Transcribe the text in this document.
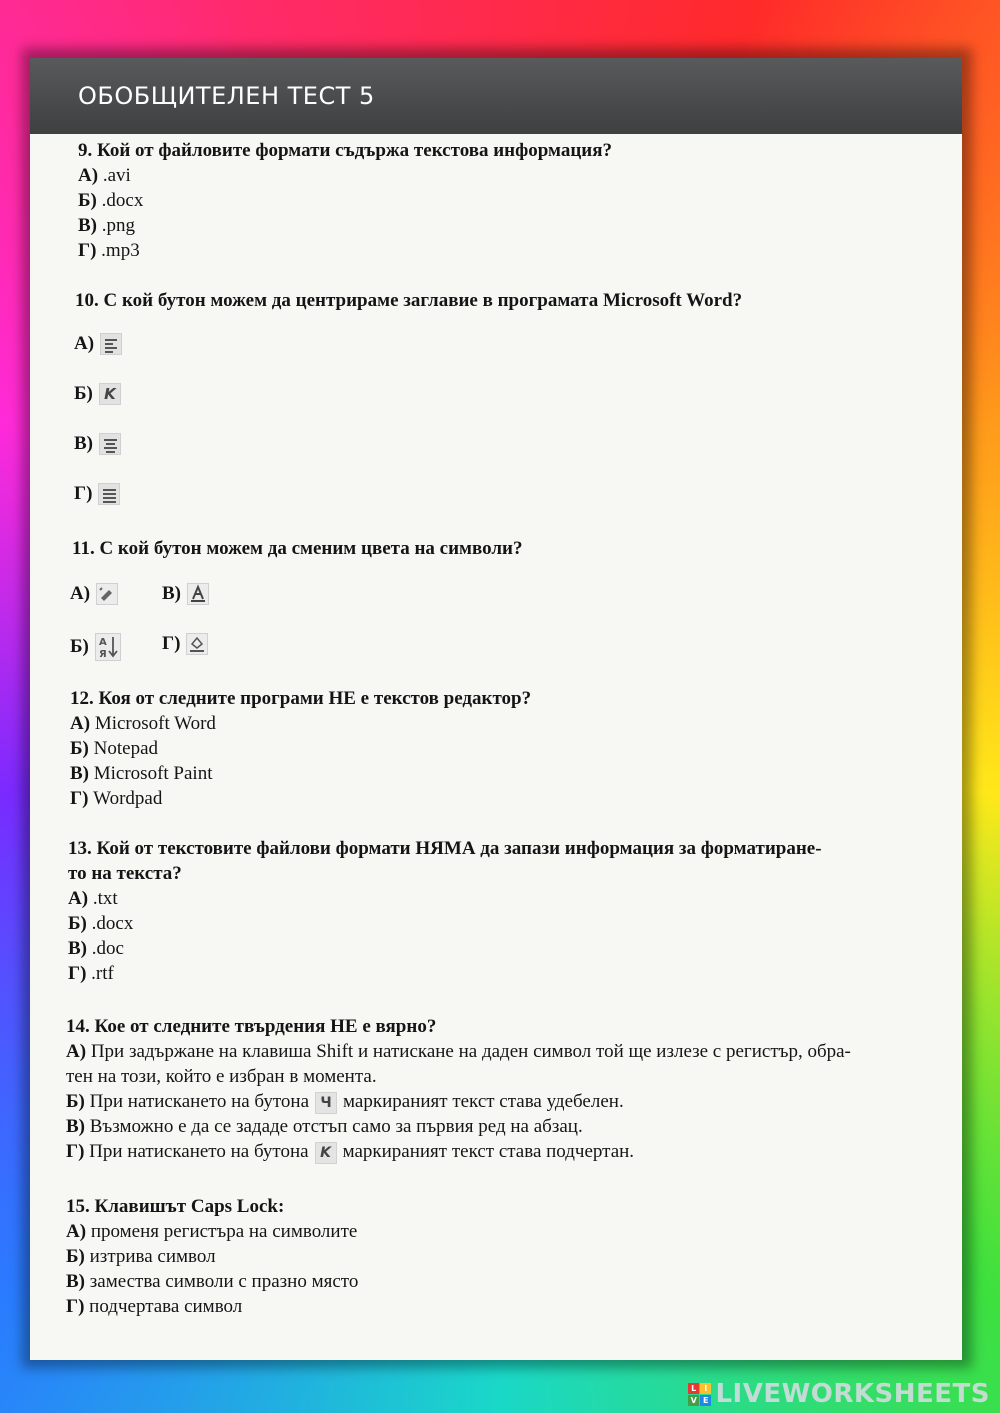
ОБОБЩИТЕЛЕН ТЕСТ 5
9. Кой от файловите формати съдържа текстова информация?
А) .avi
Б) .docx
В) .png
Г) .mp3
10. С кой бутон можем да центрираме заглавие в програмата Microsoft Word?
А)
Б) K
В)
Г)
11. С кой бутон можем да сменим цвета на символи?
А)	В)
Б) A
Я
Г)
12. Коя от следните програми НЕ е текстов редактор?
А) Microsoft Word
Б) Notepad
В) Microsoft Paint
Г) Wordpad
13. Кой от текстовите файлови формати НЯМА да запази информация за форматиране-
то на текста?
А) .txt
Б) .docx
В) .doc
Г) .rtf
14. Кое от следните твърдения НЕ е вярно?
А) При задържане на клавиша Shift и натискане на даден символ той ще излезе с регистър, обра-
тен на този, който е избран в момента.
Б) При натискането на бутона Ч маркираният текст става удебелен.
В) Възможно е да се зададе отстъп само за първия ред на абзац.
Г) При натискането на бутона K маркираният текст става подчертан.
15. Клавишът Caps Lock:
А) променя регистъра на символите
Б) изтрива символ
В) замества символи с празно място
Г) подчертава символ
L I
V E LIVEWORKSHEETS
